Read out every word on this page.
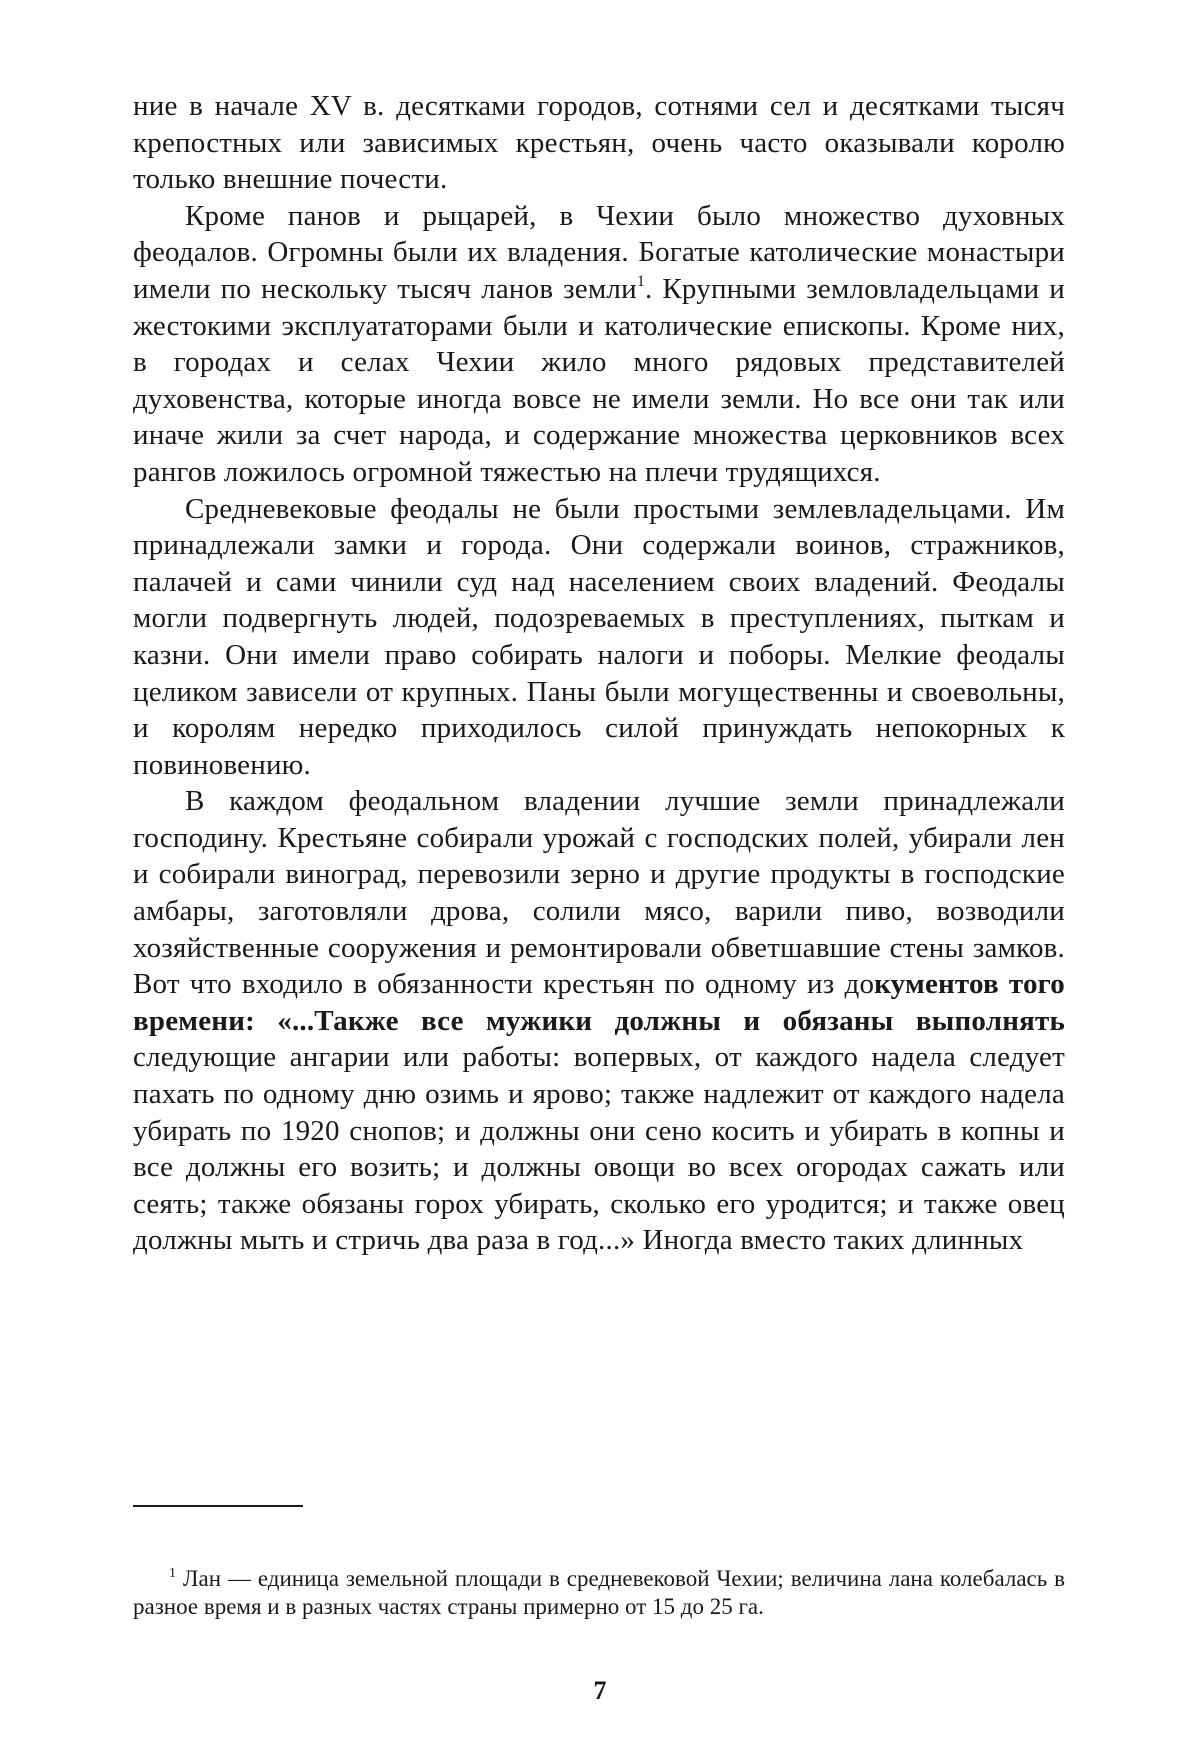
ние в начале XV в. десятками городов, сотнями сел и десятками тысяч крепостных или зависимых крестьян, очень часто оказывали королю только внешние почести.

Кроме панов и рыцарей, в Чехии было множество духовных феодалов. Огромны были их владения. Богатые католические монастыри имели по нескольку тысяч ланов земли$^1$. Крупными земловладельцами и жестокими эксплуататорами были и католические епископы. Кроме них, в городах и селах Чехии жило много рядовых представителей духовенства, которые иногда вовсе не имели земли. Но все они так или иначе жили за счет народа, и содержание множества церковников всех рангов ложилось огромной тяжестью на плечи трудящихся.

Средневековые феодалы не были простыми землевладельцами. Им принадлежали замки и города. Они содержали воинов, стражников, палачей и сами чинили суд над населением своих владений. Феодалы могли подвергнуть людей, подозреваемых в преступлениях, пыткам и казни. Они имели право собирать налоги и поборы. Мелкие феодалы целиком зависели от крупных. Паны были могущественны и своевольны, и королям нередко приходилось силой принуждать непокорных к повиновению.

В каждом феодальном владении лучшие земли принадлежали господину. Крестьяне собирали урожай с господских полей, убирали лен и собирали виноград, перевозили зерно и другие продукты в господские амбары, заготовляли дрова, солили мясо, варили пиво, возводили хозяйственные сооружения и ремонтировали обветшавшие стены замков. Вот что входило в обязанности крестьян по одному из документов того времени: «...Также все мужики должны и обязаны выполнять следующие ангарии или работы: вопервых, от каждого надела следует пахать по одному дню озимь и ярово; также надлежит от каждого надела убирать по 1920 снопов; и должны они сено косить и убирать в копны и все должны его возить; и должны овощи во всех огородах сажать или сеять; также обязаны горох убирать, сколько его уродится; и также овец должны мыть и стричь два раза в год...» Иногда вместо таких длинных

$^1$ Лан — единица земельной площади в средневековой Чехии; величина лана колебалась в разное время и в разных частях страны примерно от 15 до 25 га.

7
